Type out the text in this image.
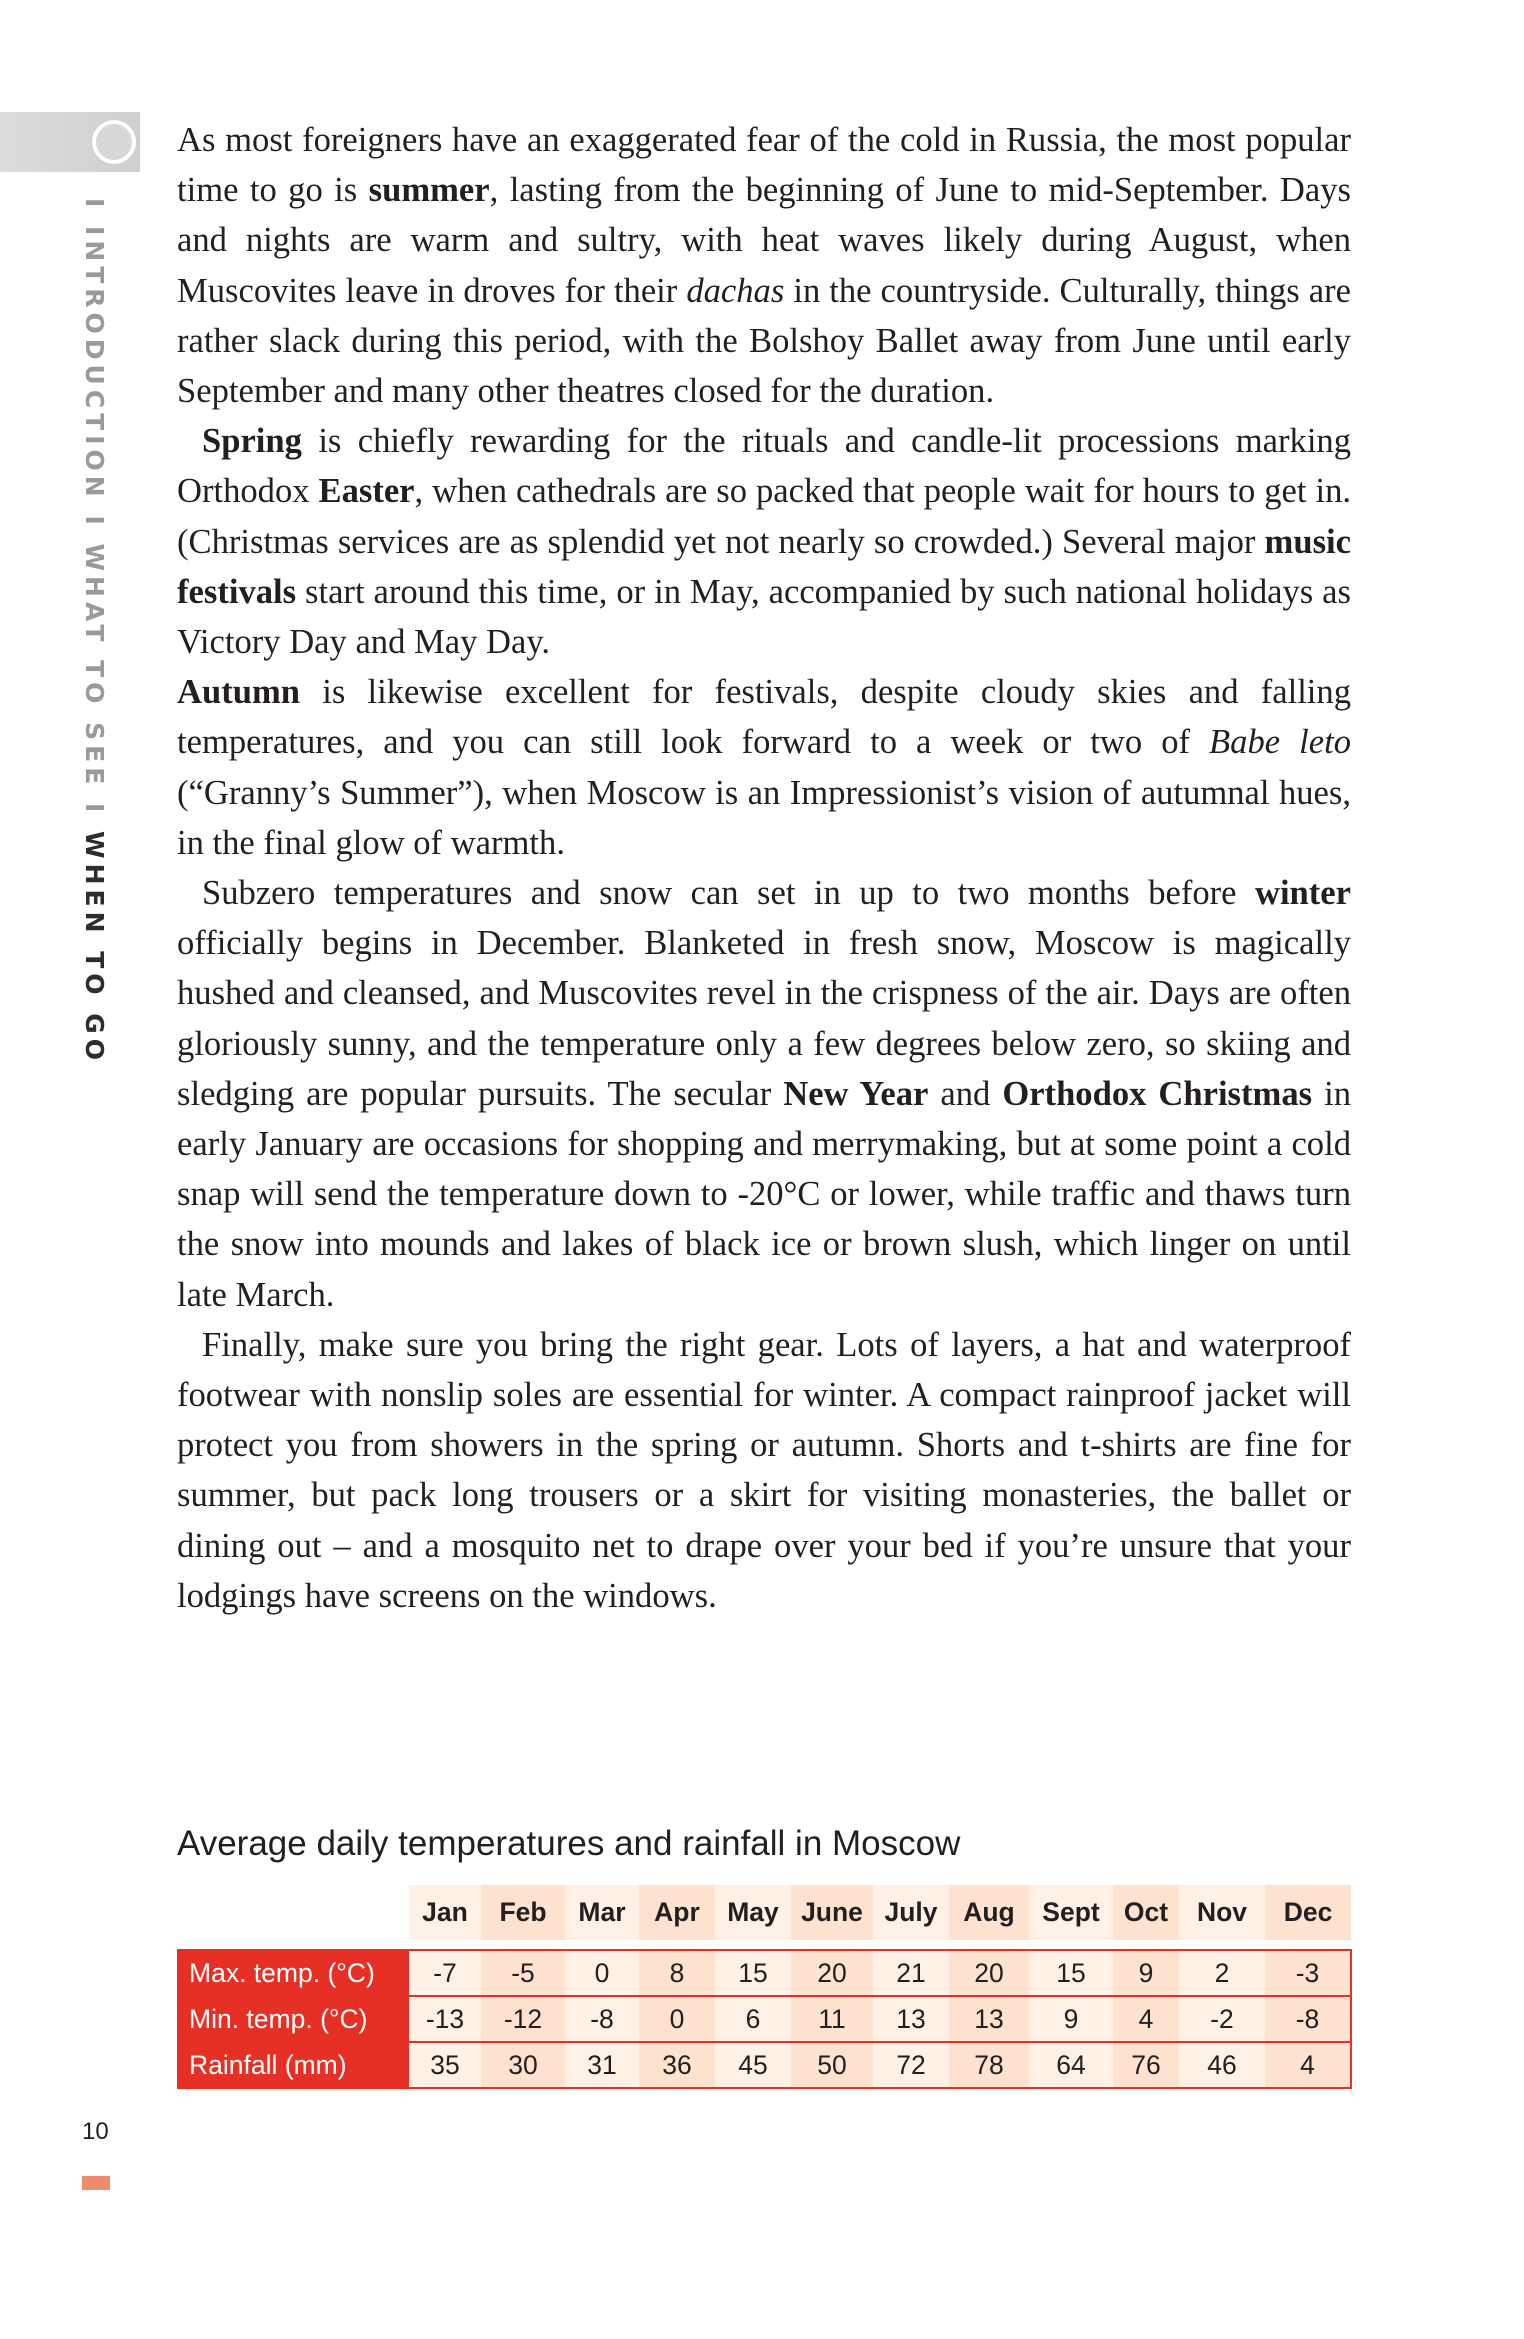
I INTRODUCTION I WHAT TO SEE I WHEN TO GO

As most foreigners have an exaggerated fear of the cold in Russia, the most popular time to go is summer, lasting from the beginning of June to mid-September. Days and nights are warm and sultry, with heat waves likely during August, when Muscovites leave in droves for their dachas in the countryside. Culturally, things are rather slack during this period, with the Bolshoy Ballet away from June until early September and many other theatres closed for the duration.

Spring is chiefly rewarding for the rituals and candle-lit processions marking Orthodox Easter, when cathedrals are so packed that people wait for hours to get in. (Christmas services are as splendid yet not nearly so crowded.) Several major music festivals start around this time, or in May, accompanied by such national holidays as Victory Day and May Day.

Autumn is likewise excellent for festivals, despite cloudy skies and falling temperatures, and you can still look forward to a week or two of Babe leto (“Granny’s Summer”), when Moscow is an Impressionist’s vision of autumnal hues, in the final glow of warmth.

Subzero temperatures and snow can set in up to two months before winter officially begins in December. Blanketed in fresh snow, Moscow is magically hushed and cleansed, and Muscovites revel in the crispness of the air. Days are often gloriously sunny, and the temperature only a few degrees below zero, so skiing and sledging are popular pursuits. The secular New Year and Orthodox Christmas in early January are occasions for shopping and merrymaking, but at some point a cold snap will send the temperature down to -20°C or lower, while traffic and thaws turn the snow into mounds and lakes of black ice or brown slush, which linger on until late March.

Finally, make sure you bring the right gear. Lots of layers, a hat and waterproof footwear with nonslip soles are essential for winter. A compact rainproof jacket will protect you from showers in the spring or autumn. Shorts and t-shirts are fine for summer, but pack long trousers or a skirt for visiting monasteries, the ballet or dining out – and a mosquito net to drape over your bed if you’re unsure that your lodgings have screens on the windows.

Average daily temperatures and rainfall in Moscow
	Jan	Feb	Mar	Apr	May	June	July	Aug	Sept	Oct	Nov	Dec

Max. temp. (°C)	-7	-5	0	8	15	20	21	20	15	9	2	-3
Min. temp. (°C)	-13	-12	-8	0	6	11	13	13	9	4	-2	-8
Rainfall (mm)	35	30	31	36	45	50	72	78	64	76	46	4
10
